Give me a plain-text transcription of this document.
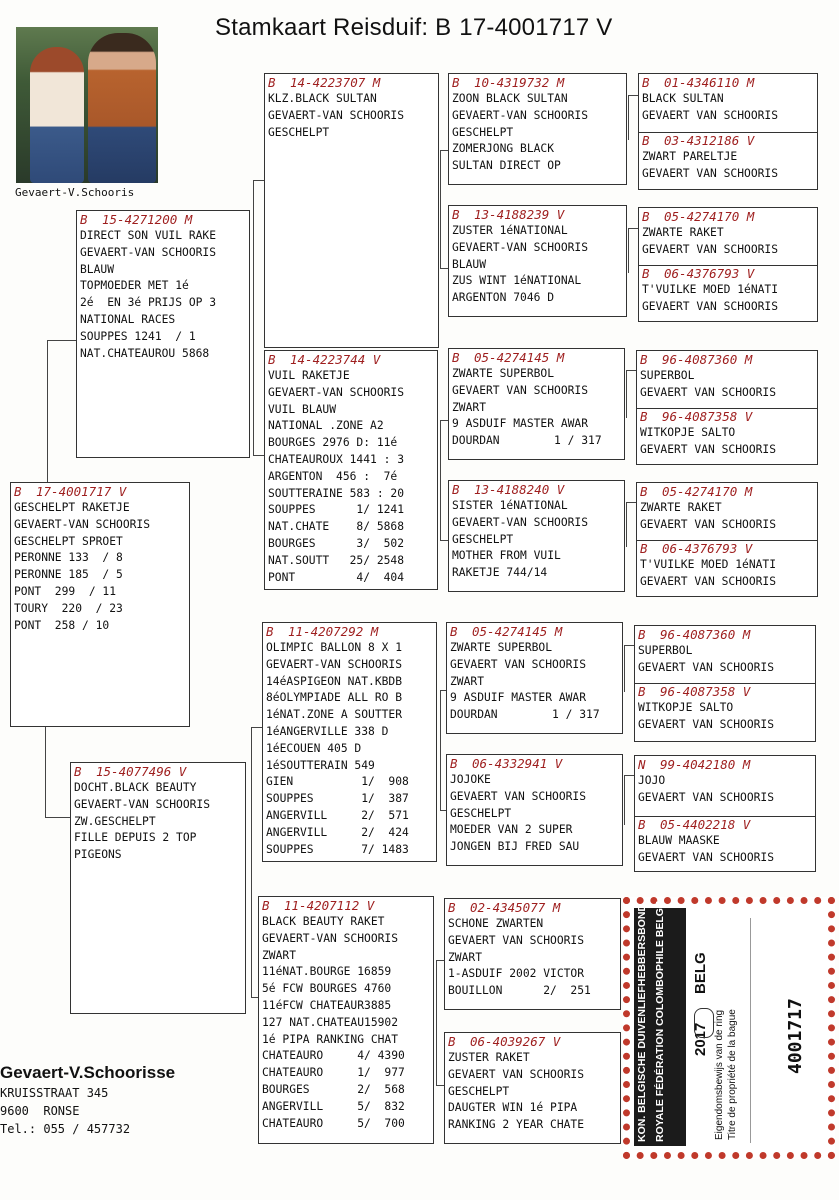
Stamkaart Reisduif: B 17-4001717 V
Gevaert-V.Schooris
B 17-4001717 V
GESCHELPT RAKETJE
GEVAERT-VAN SCHOORIS
GESCHELPT SPROET
PERONNE 133  / 8
PERONNE 185  / 5
PONT  299  / 11
TOURY  220  / 23
PONT  258 / 10
B 15-4271200 M
DIRECT SON VUIL RAKE
GEVAERT-VAN SCHOORIS
BLAUW
TOPMOEDER MET 1é
2é  EN 3é PRIJS OP 3
NATIONAL RACES
SOUPPES 1241  / 1
NAT.CHATEAUROU 5868
B 15-4077496 V
DOCHT.BLACK BEAUTY
GEVAERT-VAN SCHOORIS
ZW.GESCHELPT
FILLE DEPUIS 2 TOP
PIGEONS
B 14-4223707 M
KLZ.BLACK SULTAN
GEVAERT-VAN SCHOORIS
GESCHELPT
B 14-4223744 V
VUIL RAKETJE
GEVAERT-VAN SCHOORIS
VUIL BLAUW
NATIONAL .ZONE A2
BOURGES 2976 D: 11é
CHATEAUROUX 1441 : 3
ARGENTON  456 :  7é
SOUTTERAINE 583 : 20
SOUPPES      1/ 1241
NAT.CHATE    8/ 5868
BOURGES      3/  502
NAT.SOUTT   25/ 2548
PONT         4/  404
B 11-4207292 M
OLIMPIC BALLON 8 X 1
GEVAERT-VAN SCHOORIS
14éASPIGEON NAT.KBDB
8éOLYMPIADE ALL RO B
1éNAT.ZONE A SOUTTER
1éANGERVILLE 338 D
1éECOUEN 405 D
1éSOUTTERAIN 549
GIEN          1/  908
SOUPPES       1/  387
ANGERVILL     2/  571
ANGERVILL     2/  424
SOUPPES       7/ 1483
B 11-4207112 V
BLACK BEAUTY RAKET
GEVAERT-VAN SCHOORIS
ZWART
11éNAT.BOURGE 16859
5é FCW BOURGES 4760
11éFCW CHATEAUR3885
127 NAT.CHATEAU15902
1é PIPA RANKING CHAT
CHATEAURO     4/ 4390
CHATEAURO     1/  977
BOURGES       2/  568
ANGERVILL     5/  832
CHATEAURO     5/  700
B 10-4319732 M
ZOON BLACK SULTAN
GEVAERT-VAN SCHOORIS
GESCHELPT
ZOMERJONG BLACK
SULTAN DIRECT OP
B 13-4188239 V
ZUSTER 1éNATIONAL
GEVAERT-VAN SCHOORIS
BLAUW
ZUS WINT 1éNATIONAL
ARGENTON 7046 D
B 05-4274145 M
ZWARTE SUPERBOL
GEVAERT VAN SCHOORIS
ZWART
9 ASDUIF MASTER AWAR
DOURDAN        1 / 317
B 13-4188240 V
SISTER 1éNATIONAL
GEVAERT-VAN SCHOORIS
GESCHELPT
MOTHER FROM VUIL
RAKETJE 744/14
B 05-4274145 M
ZWARTE SUPERBOL
GEVAERT VAN SCHOORIS
ZWART
9 ASDUIF MASTER AWAR
DOURDAN        1 / 317
B 06-4332941 V
JOJOKE
GEVAERT VAN SCHOORIS
GESCHELPT
MOEDER VAN 2 SUPER
JONGEN BIJ FRED SAU
B 02-4345077 M
SCHONE ZWARTEN
GEVAERT VAN SCHOORIS
ZWART
1-ASDUIF 2002 VICTOR
BOUILLON      2/  251
B 06-4039267 V
ZUSTER RAKET
GEVAERT VAN SCHOORIS
GESCHELPT
DAUGTER WIN 1é PIPA
RANKING 2 YEAR CHATE
B 01-4346110 M
BLACK SULTAN
GEVAERT VAN SCHOORIS
B 03-4312186 V
ZWART PARELTJE
GEVAERT VAN SCHOORIS
B 05-4274170 M
ZWARTE RAKET
GEVAERT VAN SCHOORIS
B 06-4376793 V
T'VUILKE MOED 1éNATI
GEVAERT VAN SCHOORIS
B 96-4087360 M
SUPERBOL
GEVAERT VAN SCHOORIS
B 96-4087358 V
WITKOPJE SALTO
GEVAERT VAN SCHOORIS
B 05-4274170 M
ZWARTE RAKET
GEVAERT VAN SCHOORIS
B 06-4376793 V
T'VUILKE MOED 1éNATI
GEVAERT VAN SCHOORIS
B 96-4087360 M
SUPERBOL
GEVAERT VAN SCHOORIS
B 96-4087358 V
WITKOPJE SALTO
GEVAERT VAN SCHOORIS
N 99-4042180 M
JOJO
GEVAERT VAN SCHOORIS
B 05-4402218 V
BLAUW MAASKE
GEVAERT VAN SCHOORIS
Gevaert-V.Schoorisse
KRUISSTRAAT 345
9600  RONSE
Tel.: 055 / 457732	KON. BELGISCHE DUIVENLIEFHEBBERSBOND ROYALE FÉDÉRATION COLOMBOPHILE BELGE 2017
BELG
Eigendomsbewijs van de ring Titre de propriété de la bague	4001717
